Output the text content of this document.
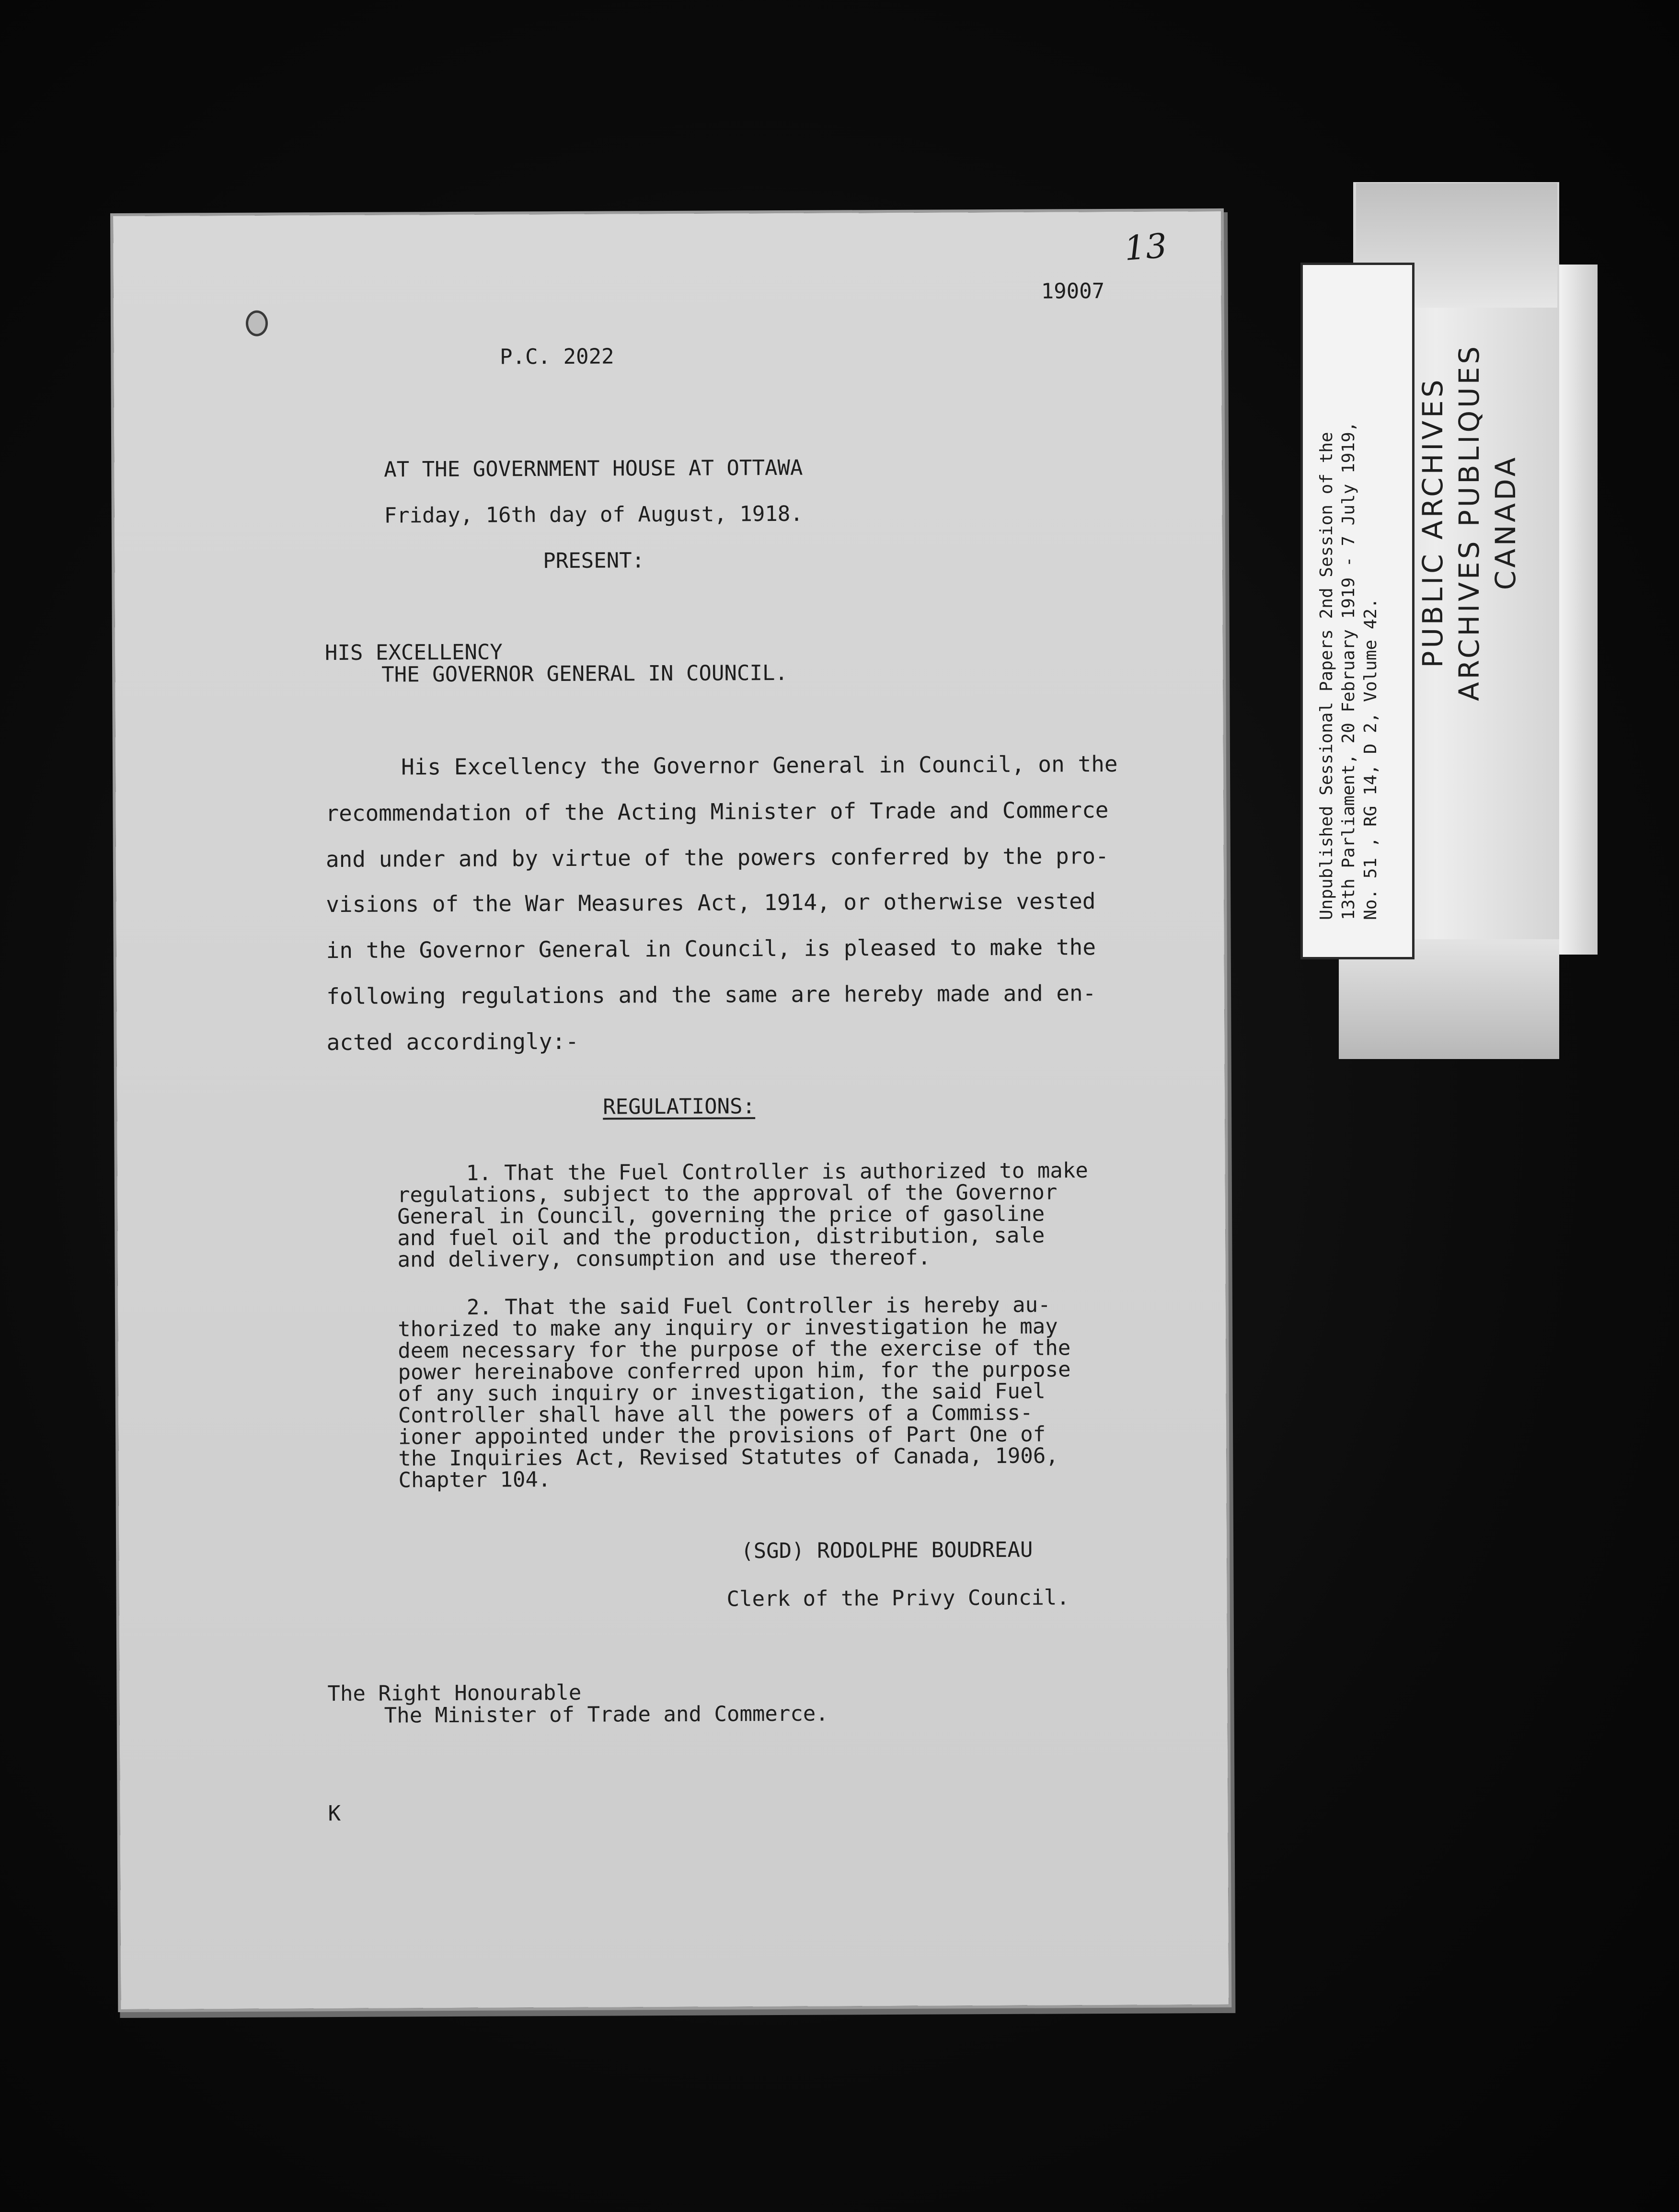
PUBLIC ARCHIVES ARCHIVES PUBLIQUES CANADA
Unpublished Sessional Papers 2nd Session of the 13th Parliament, 20 February 1919 - 7 July 1919, No. 51 , RG 14, D 2, Volume 42.
13
19007
P.C. 2022
AT THE GOVERNMENT HOUSE AT OTTAWA
Friday, 16th day of August, 1918.
PRESENT:
HIS EXCELLENCY
THE GOVERNOR GENERAL IN COUNCIL.
His Excellency the Governor General in Council, on the
recommendation of the Acting Minister of Trade and Commerce
and under and by virtue of the powers conferred by the pro-
visions of the War Measures Act, 1914, or otherwise vested
in the Governor General in Council, is pleased to make the
following regulations and the same are hereby made and en-
acted accordingly:-
REGULATIONS:
1. That the Fuel Controller is authorized to make
regulations, subject to the approval of the Governor
General in Council, governing the price of gasoline
and fuel oil and the production, distribution, sale
and delivery, consumption and use thereof.
2. That the said Fuel Controller is hereby au-
thorized to make any inquiry or investigation he may
deem necessary for the purpose of the exercise of the
power hereinabove conferred upon him, for the purpose
of any such inquiry or investigation, the said Fuel
Controller shall have all the powers of a Commiss-
ioner appointed under the provisions of Part One of
the Inquiries Act, Revised Statutes of Canada, 1906,
Chapter 104.
(SGD) RODOLPHE BOUDREAU
Clerk of the Privy Council.
The Right Honourable
The Minister of Trade and Commerce.
K
